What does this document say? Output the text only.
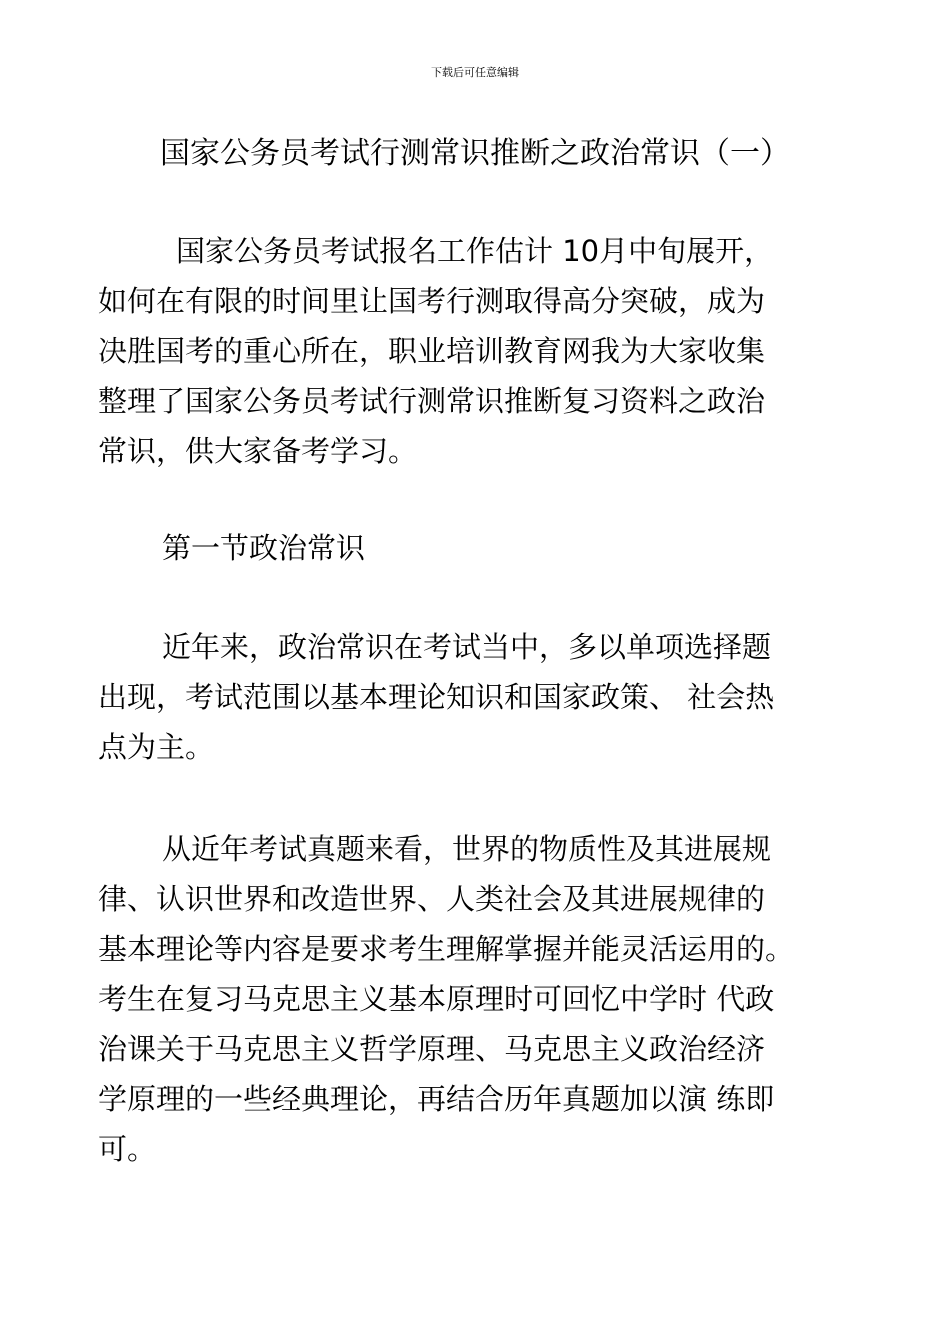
下载后可任意编辑
国家公务员考试行测常识推断之政治常识（一）

国家公务员考试报名工作估计 10月中旬展开，
如何在有限的时间里让国考行测取得高分突破，成为
决胜国考的重心所在，职业培训教育网我为大家收集
整理了国家公务员考试行测常识推断复习资料之政治
常识，供大家备考学习。

第一节政治常识

近年来，政治常识在考试当中，多以单项选择题
出现，考试范围以基本理论知识和国家政策、 社会热
点为主。

从近年考试真题来看，世界的物质性及其进展规
律、认识世界和改造世界、人类社会及其进展规律的
基本理论等内容是要求考生理解掌握并能灵活运用的。
考生在复习马克思主义基本原理时可回忆中学时 代政
治课关于马克思主义哲学原理、马克思主义政治经济
学原理的一些经典理论，再结合历年真题加以演 练即
可。
